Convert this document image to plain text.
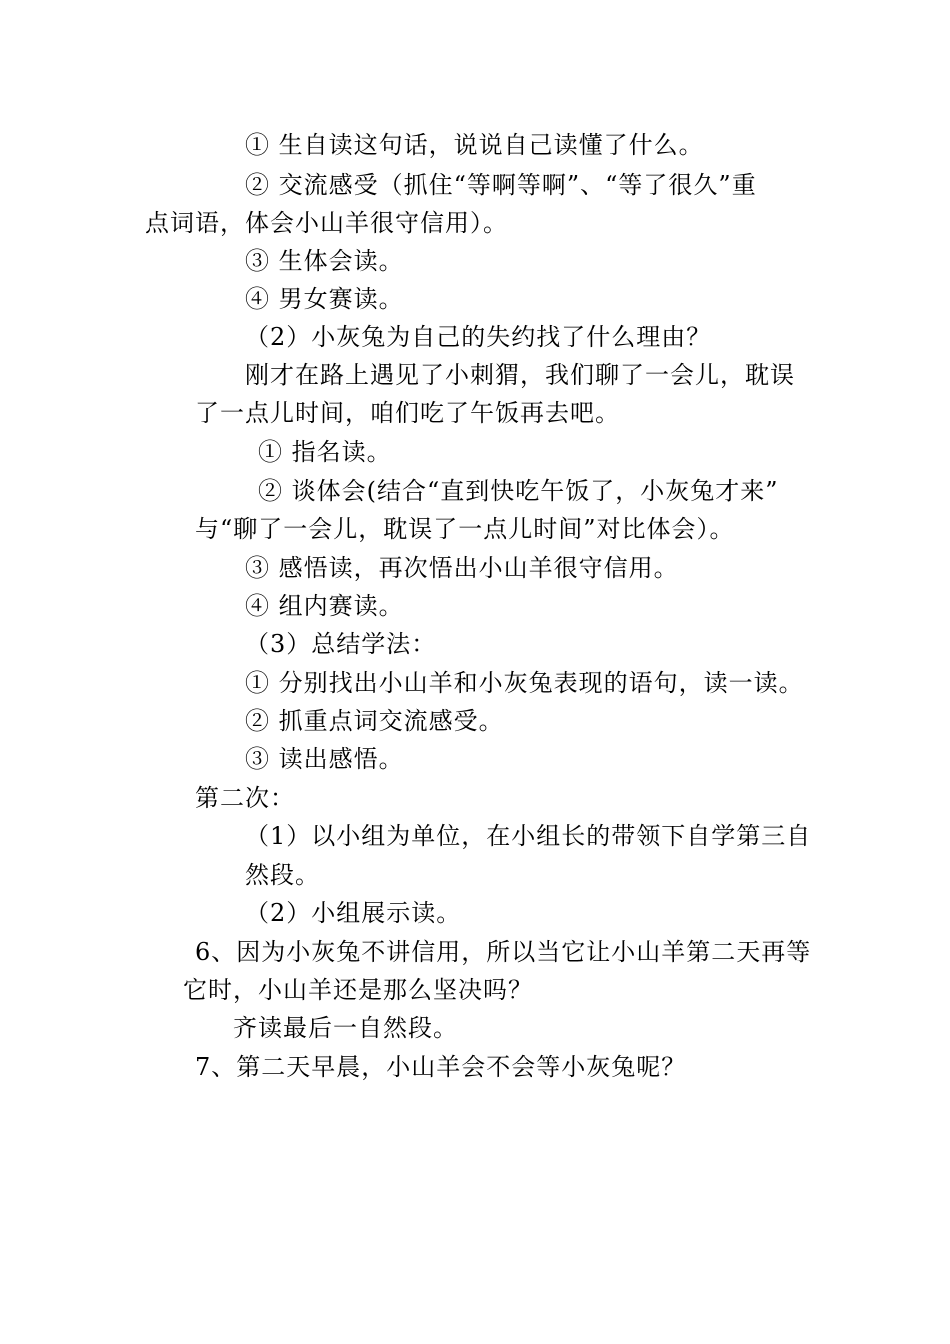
① 生自读这句话，说说自己读懂了什么。
② 交流感受（抓住“等啊等啊”、“等了很久”重
点词语，体会小山羊很守信用）。
③ 生体会读。
④ 男女赛读。
（2）小灰兔为自己的失约找了什么理由？
刚才在路上遇见了小刺猬，我们聊了一会儿，耽误
了一点儿时间，咱们吃了午饭再去吧。
① 指名读。
② 谈体会(结合“直到快吃午饭了，小灰兔才来”
与“聊了一会儿，耽误了一点儿时间”对比体会）。
③ 感悟读，再次悟出小山羊很守信用。
④ 组内赛读。
（3）总结学法：
① 分别找出小山羊和小灰兔表现的语句，读一读。
② 抓重点词交流感受。
③ 读出感悟。
第二次：
（1）以小组为单位，在小组长的带领下自学第三自
然段。
（2）小组展示读。
6、因为小灰兔不讲信用，所以当它让小山羊第二天再等
它时，小山羊还是那么坚决吗？
齐读最后一自然段。
7、第二天早晨，小山羊会不会等小灰兔呢？
